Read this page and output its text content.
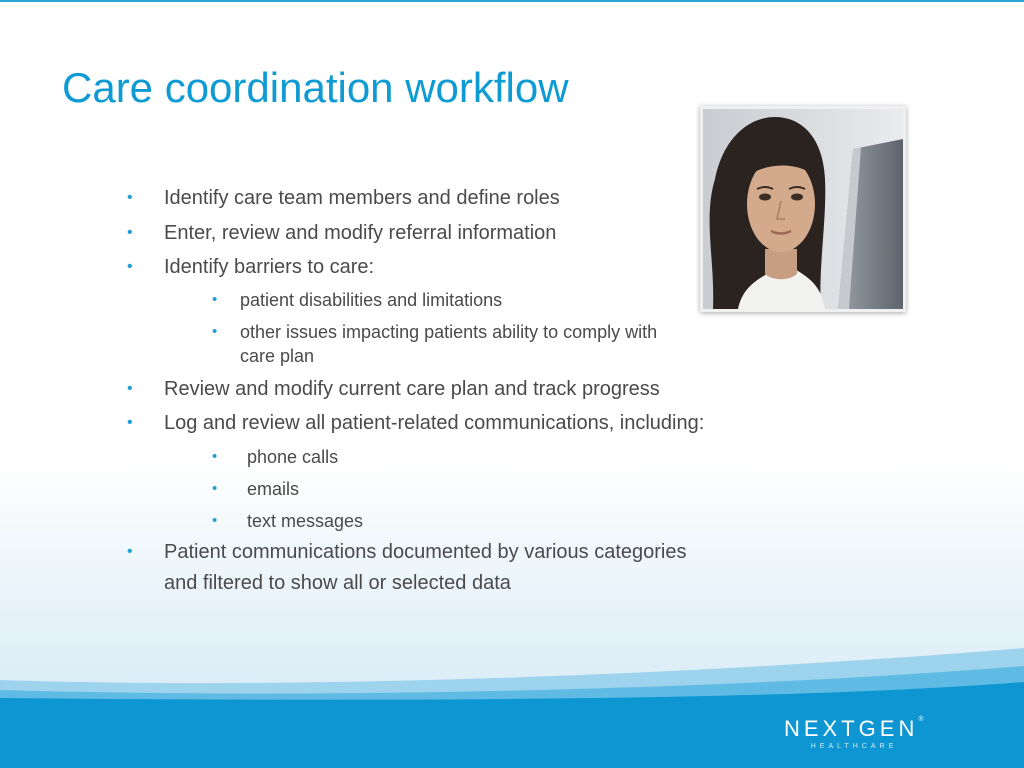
Care coordination workflow
• Identify care team members and define roles
• Enter, review and modify referral information
• Identify barriers to care:
• patient disabilities and limitations
• other issues impacting patients ability to comply with
care plan
• Review and modify current care plan and track progress
• Log and review all patient-related communications, including:
• phone calls
• emails
• text messages
• Patient communications documented by various categories
and filtered to show all or selected data
NEXTGEN®
HEALTHCARE
